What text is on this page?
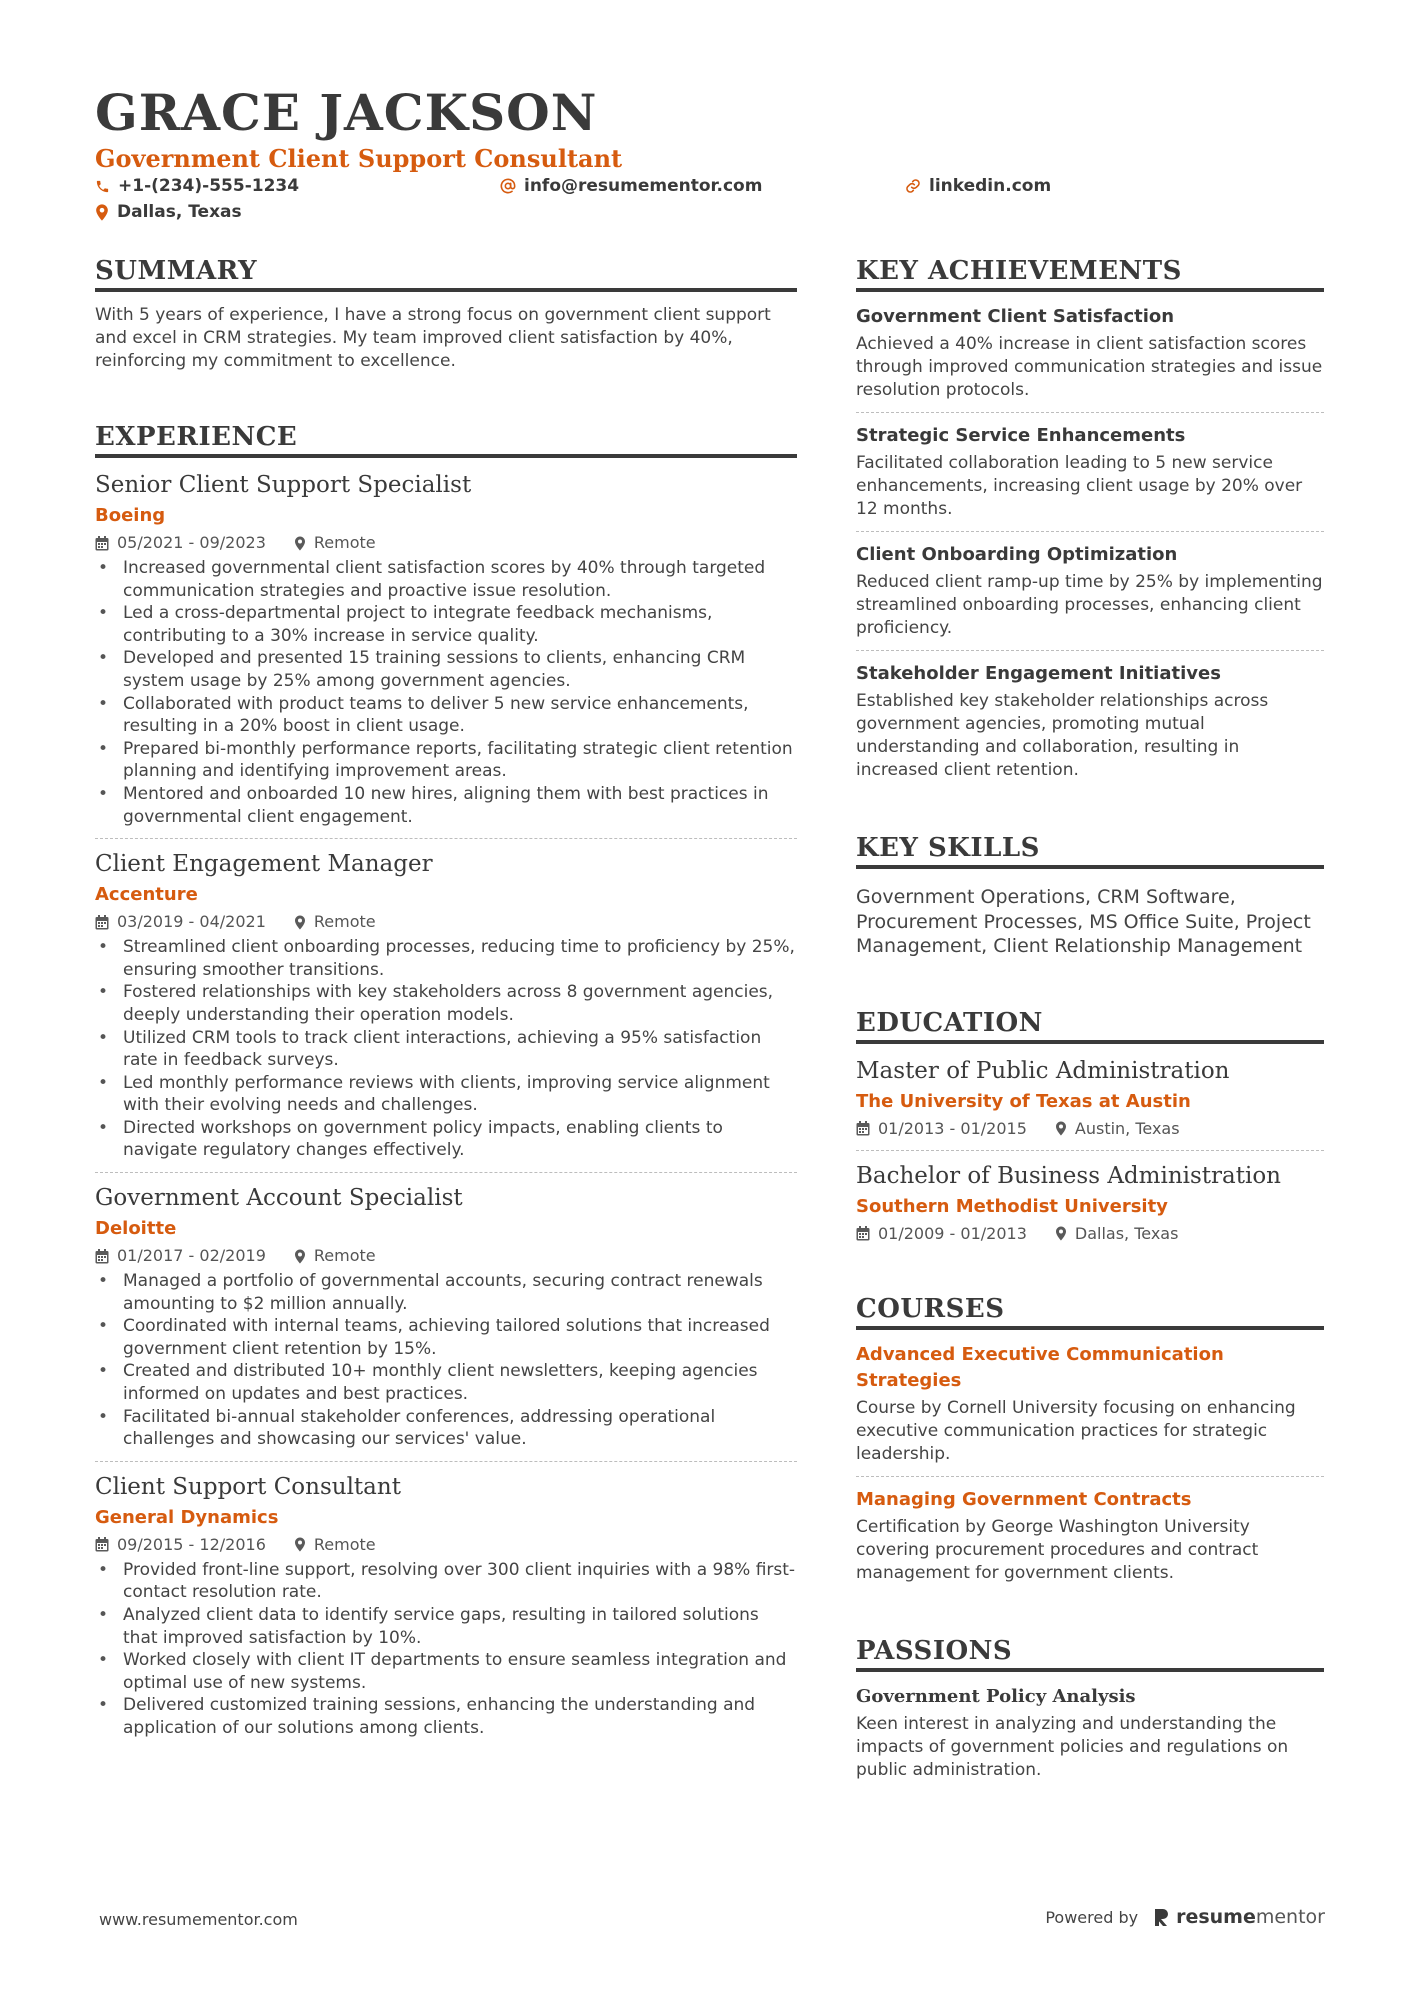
GRACE JACKSON
Government Client Support Consultant
+1-(234)-555-1234	info@resumementor.com	linkedin.com
Dallas, Texas
SUMMARY

With 5 years of experience, I have a strong focus on government client support and excel in CRM strategies. My team improved client satisfaction by 40%, reinforcing my commitment to excellence.

EXPERIENCE
Senior Client Support Specialist
Boeing
05/2021 - 09/2023	Remote
• Increased governmental client satisfaction scores by 40% through targeted communication strategies and proactive issue resolution.
• Led a cross-departmental project to integrate feedback mechanisms, contributing to a 30% increase in service quality.
• Developed and presented 15 training sessions to clients, enhancing CRM system usage by 25% among government agencies.
• Collaborated with product teams to deliver 5 new service enhancements, resulting in a 20% boost in client usage.
• Prepared bi-monthly performance reports, facilitating strategic client retention planning and identifying improvement areas.
• Mentored and onboarded 10 new hires, aligning them with best practices in governmental client engagement.
Client Engagement Manager
Accenture
03/2019 - 04/2021	Remote
• Streamlined client onboarding processes, reducing time to proficiency by 25%, ensuring smoother transitions.
• Fostered relationships with key stakeholders across 8 government agencies, deeply understanding their operation models.
• Utilized CRM tools to track client interactions, achieving a 95% satisfaction rate in feedback surveys.
• Led monthly performance reviews with clients, improving service alignment with their evolving needs and challenges.
• Directed workshops on government policy impacts, enabling clients to navigate regulatory changes effectively.
Government Account Specialist
Deloitte
01/2017 - 02/2019	Remote
• Managed a portfolio of governmental accounts, securing contract renewals amounting to $2 million annually.
• Coordinated with internal teams, achieving tailored solutions that increased government client retention by 15%.
• Created and distributed 10+ monthly client newsletters, keeping agencies informed on updates and best practices.
• Facilitated bi-annual stakeholder conferences, addressing operational challenges and showcasing our services' value.
Client Support Consultant
General Dynamics
09/2015 - 12/2016	Remote
• Provided front-line support, resolving over 300 client inquiries with a 98% first-contact resolution rate.
• Analyzed client data to identify service gaps, resulting in tailored solutions that improved satisfaction by 10%.
• Worked closely with client IT departments to ensure seamless integration and optimal use of new systems.
• Delivered customized training sessions, enhancing the understanding and application of our solutions among clients.
KEY ACHIEVEMENTS
Government Client Satisfaction

Achieved a 40% increase in client satisfaction scores through improved communication strategies and issue resolution protocols.

Strategic Service Enhancements

Facilitated collaboration leading to 5 new service enhancements, increasing client usage by 20% over 12 months.

Client Onboarding Optimization

Reduced client ramp-up time by 25% by implementing streamlined onboarding processes, enhancing client proficiency.

Stakeholder Engagement Initiatives

Established key stakeholder relationships across government agencies, promoting mutual understanding and collaboration, resulting in increased client retention.

KEY SKILLS

Government Operations, CRM Software, Procurement Processes, MS Office Suite, Project Management, Client Relationship Management

EDUCATION
Master of Public Administration
The University of Texas at Austin
01/2013 - 01/2015	Austin, Texas
Bachelor of Business Administration
Southern Methodist University
01/2009 - 01/2013	Dallas, Texas
COURSES
Advanced Executive Communication Strategies

Course by Cornell University focusing on enhancing executive communication practices for strategic leadership.

Managing Government Contracts

Certification by George Washington University covering procurement procedures and contract management for government clients.

PASSIONS
Government Policy Analysis

Keen interest in analyzing and understanding the impacts of government policies and regulations on public administration.

www.resumementor.com	Powered by resume mentor
